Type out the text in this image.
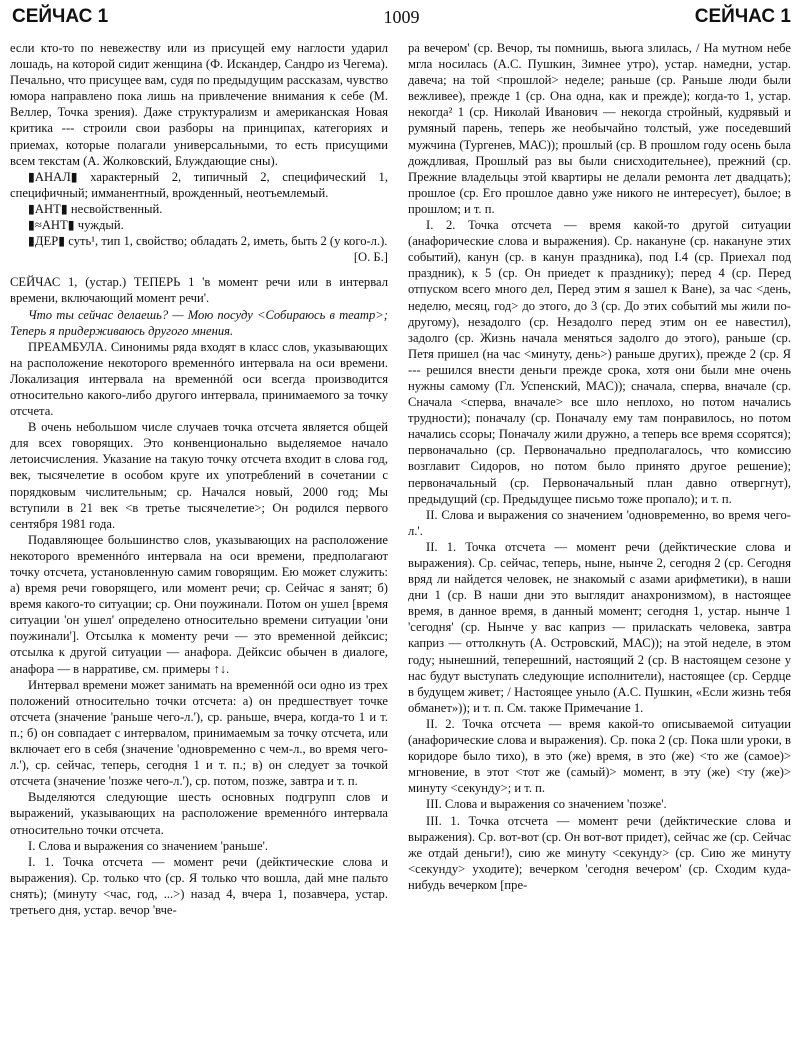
СЕЙЧАС 1	1009	СЕЙЧАС 1

если кто-то по невежеству или из присущей ему наглости ударил лошадь, на которой сидит женщина (Ф. Искандер, Сандро из Чегема). Печально, что присущее вам, судя по предыдущим рассказам, чувство юмора направлено пока лишь на привлечение внимания к себе (М. Веллер, Точка зрения). Даже структурализм и американская Новая критика --- строили свои разборы на принципах, категориях и приемах, которые полагали универсальными, то есть присущими всем текстам (А. Жолковский, Блуждающие сны).

▮АНАЛ▮ характерный 2, типичный 2, специфический 1, специфичный; имманентный, врожденный, неотъемлемый.

▮АНТ▮ несвойственный.

▮≈АНТ▮ чуждый.

▮ДЕР▮ суть¹, тип 1, свойство; обладать 2, иметь, быть 2 (у кого-л.).

[О. Б.]

СЕЙЧАС 1, (устар.) ТЕПЕРЬ 1 'в момент речи или в интервал времени, включающий момент речи'.

Что ты сейчас делаешь? — Мою посуду <Собираюсь в театр>; Теперь я придерживаюсь другого мнения.

ПРЕАМБУЛА. Синонимы ряда входят в класс слов, указывающих на расположение некоторого временнóго интервала на оси времени. Локализация интервала на временнóй оси всегда производится относительно какого-либо другого интервала, принимаемого за точку отсчета.

В очень небольшом числе случаев точка отсчета является общей для всех говорящих. Это конвенционально выделяемое начало летоисчисления. Указание на такую точку отсчета входит в слова год, век, тысячелетие в особом круге их употреблений в сочетании с порядковым числительным; ср. Начался новый, 2000 год; Мы вступили в 21 век <в третье тысячелетие>; Он родился первого сентября 1981 года.

Подавляющее большинство слов, указывающих на расположение некоторого временнóго интервала на оси времени, предполагают точку отсчета, установленную самим говорящим. Ею может служить: а) время речи говорящего, или момент речи; ср. Сейчас я занят; б) время какого-то ситуации; ср. Они поужинали. Потом он ушел [время ситуации 'он ушел' определено относительно времени ситуации 'они поужинали']. Отсылка к моменту речи — это временной дейксис; отсылка к другой ситуации — анафора. Дейксис обычен в диалоге, анафора — в нарративе, см. примеры ↑↓.

Интервал времени может занимать на временнóй оси одно из трех положений относительно точки отсчета: а) он предшествует точке отсчета (значение 'раньше чего-л.'), ср. раньше, вчера, когда-то 1 и т. п.; б) он совпадает с интервалом, принимаемым за точку отсчета, или включает его в себя (значение 'одновременно с чем-л., во время чего-л.'), ср. сейчас, теперь, сегодня 1 и т. п.; в) он следует за точкой отсчета (значение 'позже чего-л.'), ср. потом, позже, завтра и т. п.

Выделяются следующие шесть основных подгрупп слов и выражений, указывающих на расположение временнóго интервала относительно точки отсчета.

I. Слова и выражения со значением 'раньше'.

I. 1. Точка отсчета — момент речи (дейктические слова и выражения). Ср. только что (ср. Я только что вошла, дай мне пальто снять); (минуту <час, год, ...>) назад 4, вчера 1, позавчера, устар. третьего дня, устар. вечор 'вче-

ра вечером' (ср. Вечор, ты помнишь, вьюга злилась, / На мутном небе мгла носилась (А.С. Пушкин, Зимнее утро), устар. намедни, устар. давеча; на той <прошлой> неделе; раньше (ср. Раньше люди были вежливее), прежде 1 (ср. Она одна, как и прежде); когда-то 1, устар. некогда² 1 (ср. Николай Иванович — некогда стройный, кудрявый и румяный парень, теперь же необычайно толстый, уже поседевший мужчина (Тургенев, МАС)); прошлый (ср. В прошлом году осень была дождливая, Прошлый раз вы были снисходительнее), прежний (ср. Прежние владельцы этой квартиры не делали ремонта лет двадцать); прошлое (ср. Его прошлое давно уже никого не интересует), былое; в прошлом; и т. п.

I. 2. Точка отсчета — время какой-то другой ситуации (анафорические слова и выражения). Ср. накануне (ср. накануне этих событий), канун (ср. в канун праздника), под I.4 (ср. Приехал под праздник), к 5 (ср. Он приедет к празднику); перед 4 (ср. Перед отпуском всего много дел, Перед этим я зашел к Ване), за час <день, неделю, месяц, год> до этого, до 3 (ср. До этих событий мы жили по-другому), незадолго (ср. Незадолго перед этим он ее навестил), задолго (ср. Жизнь начала меняться задолго до этого), раньше (ср. Петя пришел (на час <минуту, день>) раньше других), прежде 2 (ср. Я --- решился внести деньги прежде срока, хотя они были мне очень нужны самому (Гл. Успенский, МАС)); сначала, сперва, вначале (ср. Сначала <сперва, вначале> все шло неплохо, но потом начались трудности); поначалу (ср. Поначалу ему там понравилось, но потом начались ссоры; Поначалу жили дружно, а теперь все время ссорятся); первоначально (ср. Первоначально предполагалось, что комиссию возглавит Сидоров, но потом было принято другое решение); первоначальный (ср. Первоначальный план давно отвергнут), предыдущий (ср. Предыдущее письмо тоже пропало); и т. п.

II. Слова и выражения со значением 'одновременно, во время чего-л.'.

II. 1. Точка отсчета — момент речи (дейктические слова и выражения). Ср. сейчас, теперь, ныне, нынче 2, сегодня 2 (ср. Сегодня вряд ли найдется человек, не знакомый с азами арифметики), в наши дни 1 (ср. В наши дни это выглядит анахронизмом), в настоящее время, в данное время, в данный момент; сегодня 1, устар. нынче 1 'сегодня' (ср. Нынче у вас каприз — приласкать человека, завтра каприз — оттолкнуть (А. Островский, МАС)); на этой неделе, в этом году; нынешний, теперешний, настоящий 2 (ср. В настоящем сезоне у нас будут выступать следующие исполнители), настоящее (ср. Сердце в будущем живет; / Настоящее уныло (А.С. Пушкин, «Если жизнь тебя обманет»)); и т. п. См. также Примечание 1.

II. 2. Точка отсчета — время какой-то описываемой ситуации (анафорические слова и выражения). Ср. пока 2 (ср. Пока шли уроки, в коридоре было тихо), в это (же) время, в это (же) <то же (самое)> мгновение, в этот <тот же (самый)> момент, в эту (же) <ту (же)> минуту <секунду>; и т. п.

III. Слова и выражения со значением 'позже'.

III. 1. Точка отсчета — момент речи (дейктические слова и выражения). Ср. вот-вот (ср. Он вот-вот придет), сейчас же (ср. Сейчас же отдай деньги!), сию же минуту <секунду> (ср. Сию же минуту <секунду> уходите); вечерком 'сегодня вечером' (ср. Сходим куда-нибудь вечерком [пре-
